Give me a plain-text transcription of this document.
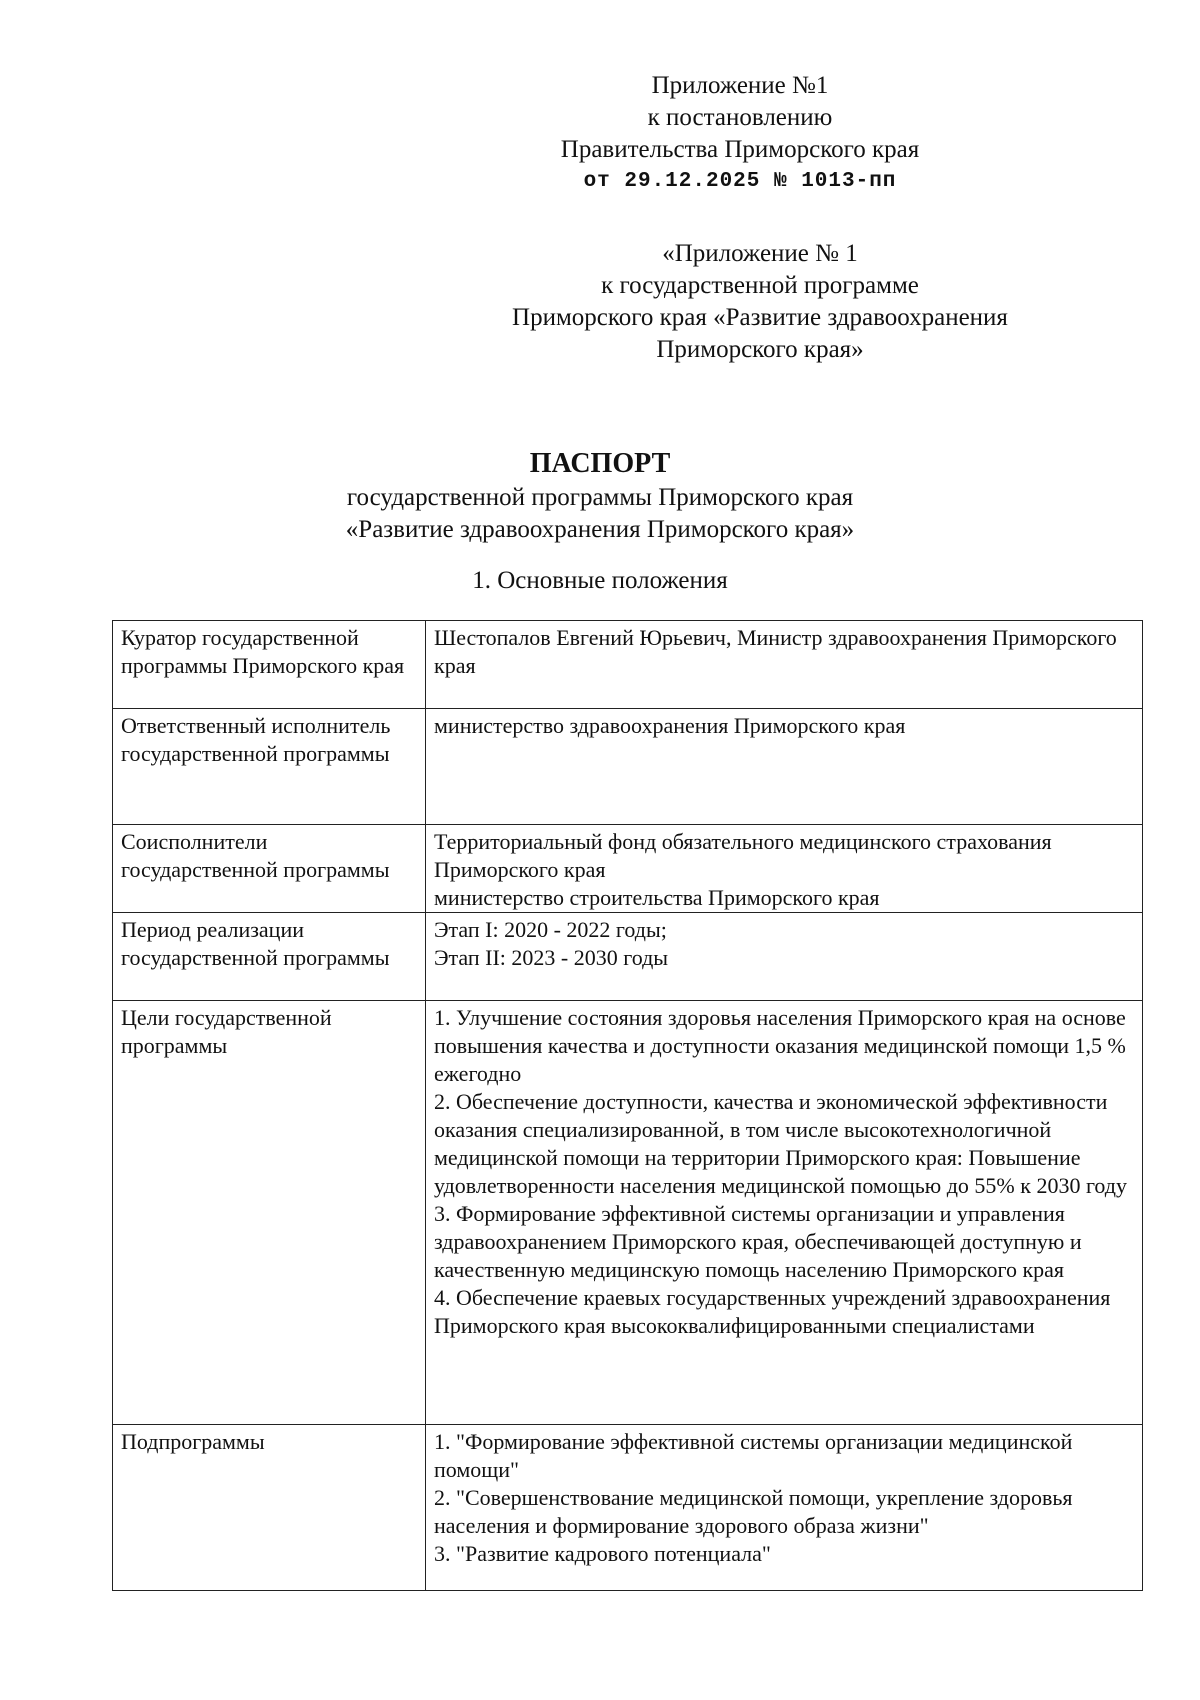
Приложение №1
к постановлению
Правительства Приморского края
от 29.12.2025 № 1013-пп
«Приложение № 1
к государственной программе
Приморского края «Развитие здравоохранения
Приморского края»
ПАСПОРТ
государственной программы Приморского края
«Развитие здравоохранения Приморского края»
1. Основные положения
Куратор государственной программы Приморского края	Шестопалов Евгений Юрьевич, Министр здравоохранения Приморского края
Ответственный исполнитель государственной программы	министерство здравоохранения Приморского края
Соисполнители государственной программы	Территориальный фонд обязательного медицинского страхования Приморского края
министерство строительства Приморского края
Период реализации государственной программы	Этап I: 2020 - 2022 годы;
Этап II: 2023 - 2030 годы
Цели государственной программы	1. Улучшение состояния здоровья населения Приморского края на основе повышения качества и доступности оказания медицинской помощи 1,5 % ежегодно
2. Обеспечение доступности, качества и экономической эффективности оказания специализированной, в том числе высокотехнологичной медицинской помощи на территории Приморского края: Повышение удовлетворенности населения медицинской помощью до 55% к 2030 году
3. Формирование эффективной системы организации и управления здравоохранением Приморского края, обеспечивающей доступную и качественную медицинскую помощь населению Приморского края
4. Обеспечение краевых государственных учреждений здравоохранения Приморского края высококвалифицированными специалистами
Подпрограммы	1. "Формирование эффективной системы организации медицинской помощи"
2. "Совершенствование медицинской помощи, укрепление здоровья населения и формирование здорового образа жизни"
3. "Развитие кадрового потенциала"
